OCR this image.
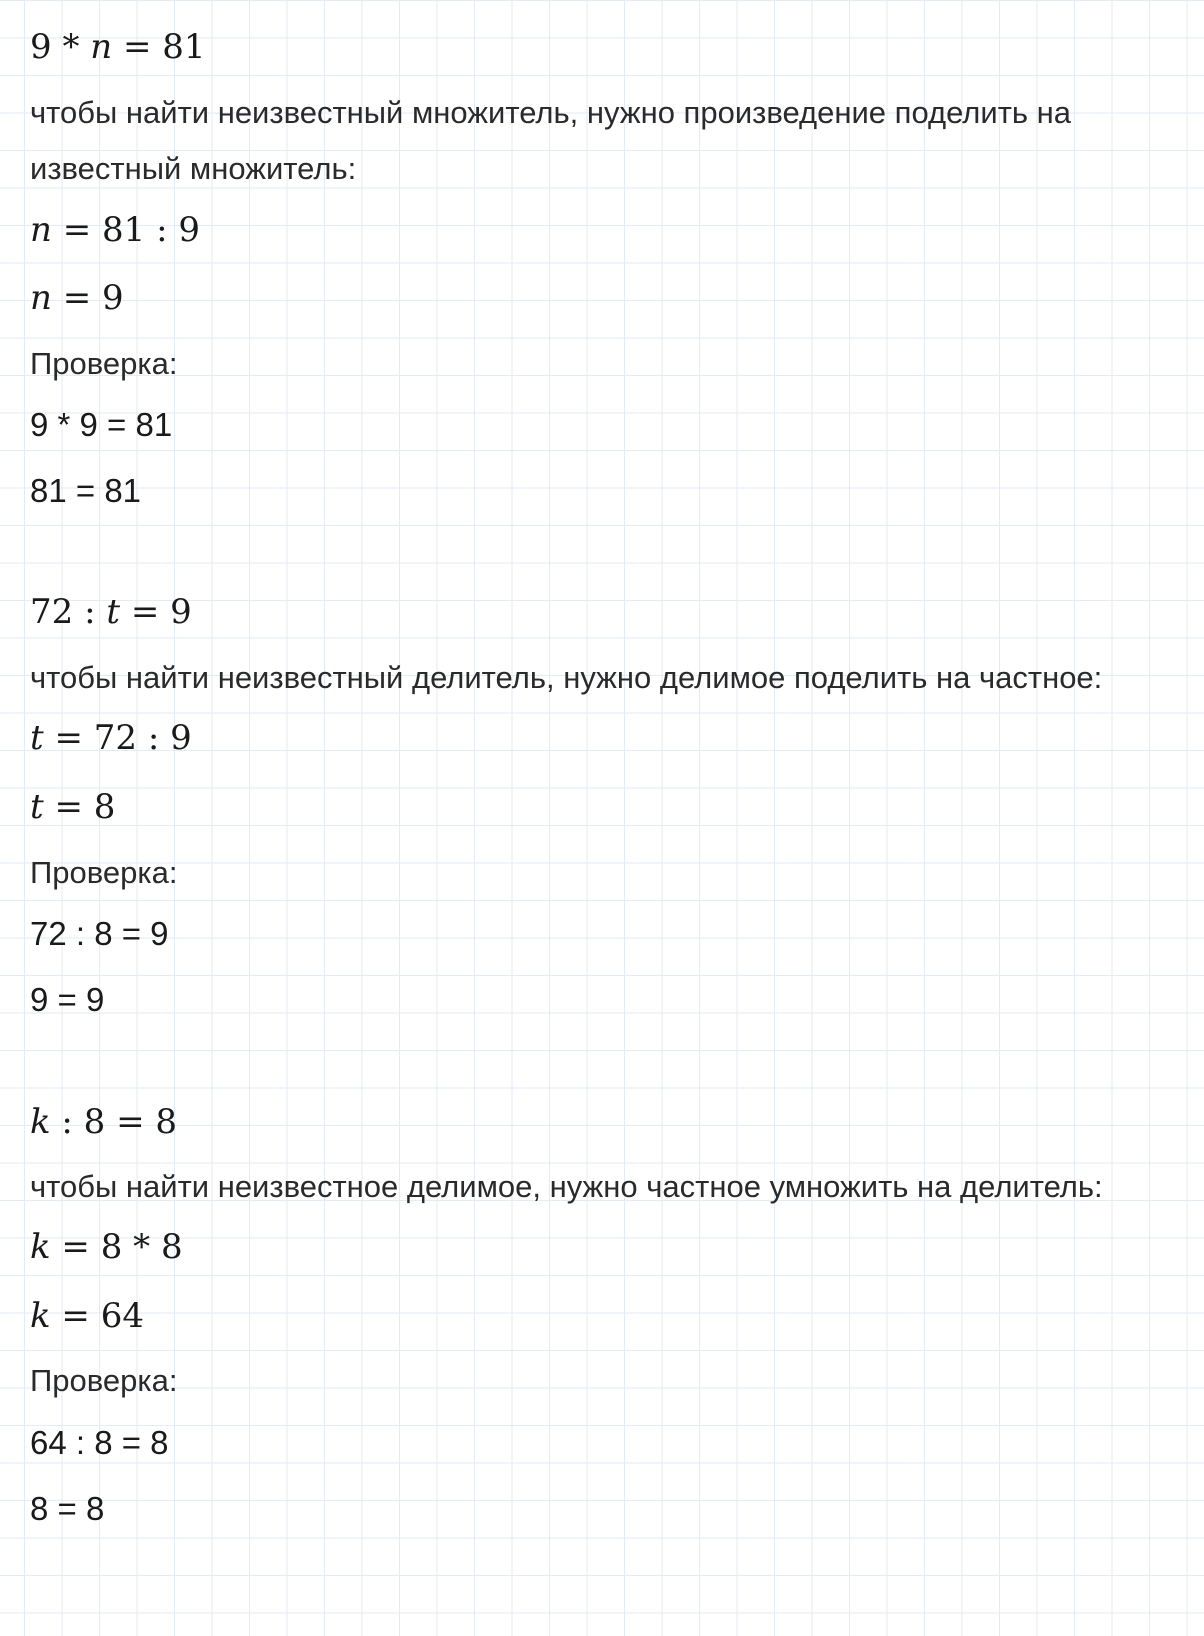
9 * n = 81
чтобы найти неизвестный множитель, нужно произведение поделить на
известный множитель:
n = 81 : 9
n = 9
Проверка:
9 * 9 = 81
81 = 81
72 : t = 9
чтобы найти неизвестный делитель, нужно делимое поделить на частное:
t = 72 : 9
t = 8
Проверка:
72 : 8 = 9
9 = 9
k : 8 = 8
чтобы найти неизвестное делимое, нужно частное умножить на делитель:
k = 8 * 8
k = 64
Проверка:
64 : 8 = 8
8 = 8
